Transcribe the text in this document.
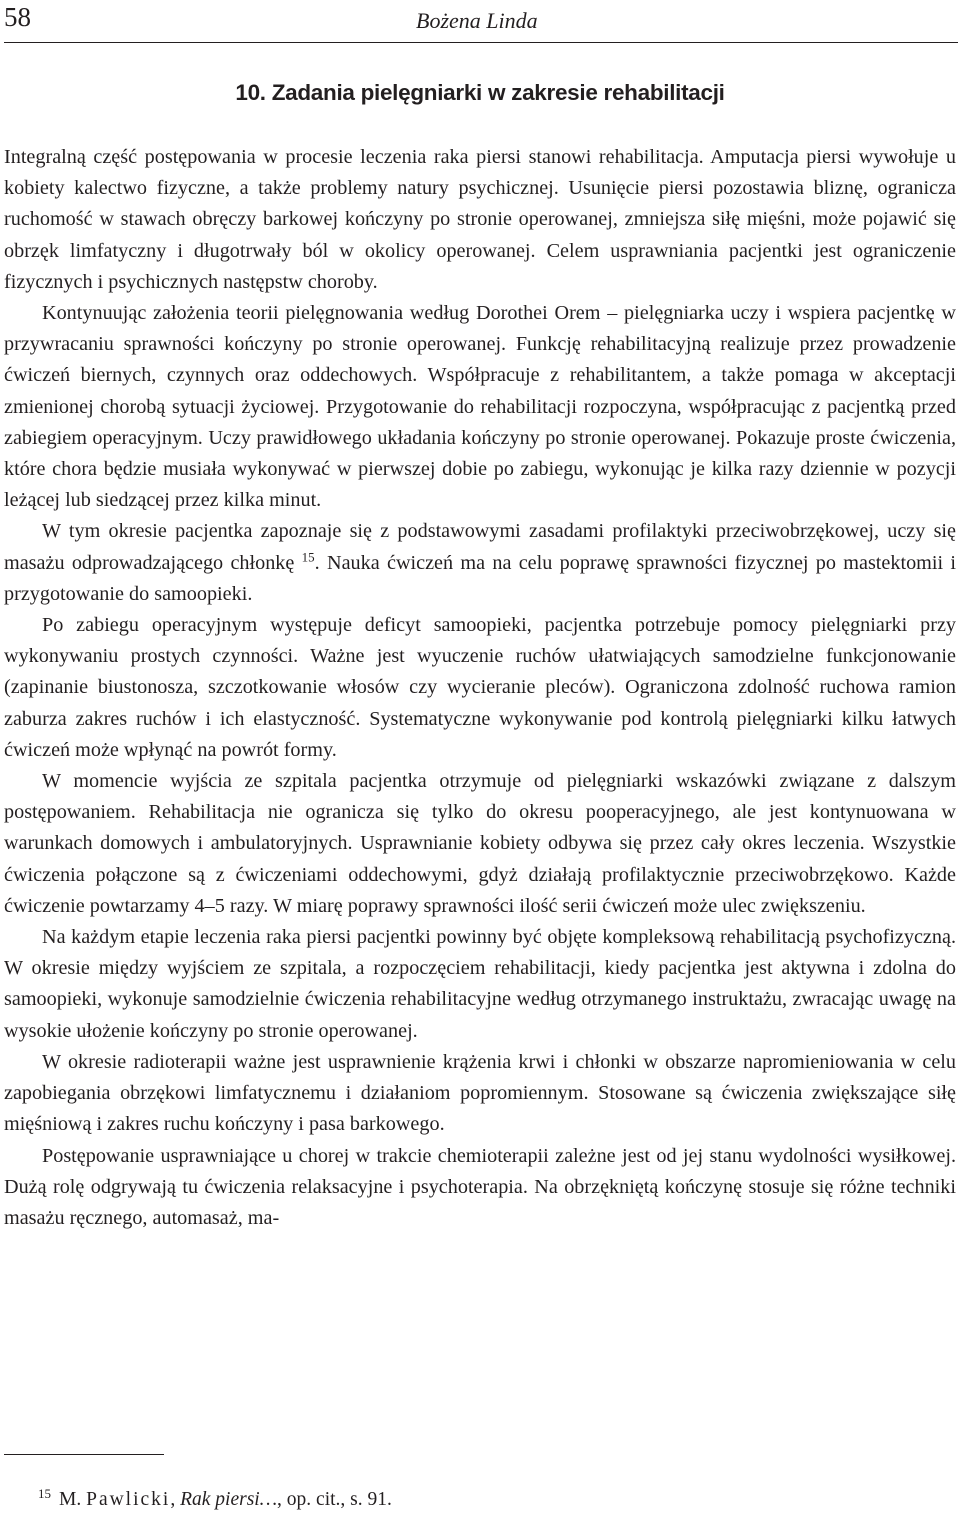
58	Bożena Linda
10. Zadania pielęgniarki w zakresie rehabilitacji

Integralną część postępowania w procesie leczenia raka piersi stanowi rehabilitacja. Amputacja piersi wywołuje u kobiety kalectwo fizyczne, a także problemy natury psychicznej. Usunięcie piersi pozostawia bliznę, ogranicza ruchomość w stawach obręczy barkowej kończyny po stronie operowanej, zmniejsza siłę mięśni, może pojawić się obrzęk limfatyczny i długotrwały ból w okolicy operowanej. Celem usprawniania pacjentki jest ograniczenie fizycznych i psychicznych następstw choroby.

Kontynuując założenia teorii pielęgnowania według Dorothei Orem – pielęgniarka uczy i wspiera pacjentkę w przywracaniu sprawności kończyny po stronie operowanej. Funkcję rehabilitacyjną realizuje przez prowadzenie ćwiczeń biernych, czynnych oraz oddechowych. Współpracuje z rehabilitantem, a także pomaga w akceptacji zmienionej chorobą sytuacji życiowej. Przygotowanie do rehabilitacji rozpoczyna, współpracując z pacjentką przed zabiegiem operacyjnym. Uczy prawidłowego układania kończyny po stronie operowanej. Pokazuje proste ćwiczenia, które chora będzie musiała wykonywać w pierwszej dobie po zabiegu, wykonując je kilka razy dziennie w pozycji leżącej lub siedzącej przez kilka minut.

W tym okresie pacjentka zapoznaje się z podstawowymi zasadami profilaktyki przeciwobrzękowej, uczy się masażu odprowadzającego chłonkę $^{15}$. Nauka ćwiczeń ma na celu poprawę sprawności fizycznej po mastektomii i przygotowanie do samoopieki.

Po zabiegu operacyjnym występuje deficyt samoopieki, pacjentka potrzebuje pomocy pielęgniarki przy wykonywaniu prostych czynności. Ważne jest wyuczenie ruchów ułatwiających samodzielne funkcjonowanie (zapinanie biustonosza, szczotkowanie włosów czy wycieranie pleców). Ograniczona zdolność ruchowa ramion zaburza zakres ruchów i ich elastyczność. Systematyczne wykonywanie pod kontrolą pielęgniarki kilku łatwych ćwiczeń może wpłynąć na powrót formy.

W momencie wyjścia ze szpitala pacjentka otrzymuje od pielęgniarki wskazówki związane z dalszym postępowaniem. Rehabilitacja nie ogranicza się tylko do okresu pooperacyjnego, ale jest kontynuowana w warunkach domowych i ambulatoryjnych. Usprawnianie kobiety odbywa się przez cały okres leczenia. Wszystkie ćwiczenia połączone są z ćwiczeniami oddechowymi, gdyż działają profilaktycznie przeciwobrzękowo. Każde ćwiczenie powtarzamy 4–5 razy. W miarę poprawy sprawności ilość serii ćwiczeń może ulec zwiększeniu.

Na każdym etapie leczenia raka piersi pacjentki powinny być objęte kompleksową rehabilitacją psychofizyczną. W okresie między wyjściem ze szpitala, a rozpoczęciem rehabilitacji, kiedy pacjentka jest aktywna i zdolna do samoopieki, wykonuje samodzielnie ćwiczenia rehabilitacyjne według otrzymanego instruktażu, zwracając uwagę na wysokie ułożenie kończyny po stronie operowanej.

W okresie radioterapii ważne jest usprawnienie krążenia krwi i chłonki w obszarze napromieniowania w celu zapobiegania obrzękowi limfatycznemu i działaniom popromiennym. Stosowane są ćwiczenia zwiększające siłę mięśniową i zakres ruchu kończyny i pasa barkowego.

Postępowanie usprawniające u chorej w trakcie chemioterapii zależne jest od jej stanu wydolności wysiłkowej. Dużą rolę odgrywają tu ćwiczenia relaksacyjne i psychoterapia. Na obrzękniętą kończynę stosuje się różne techniki masażu ręcznego, automasaż, ma-

$^{15}$ M. Pawlicki, Rak piersi…, op. cit., s. 91.
